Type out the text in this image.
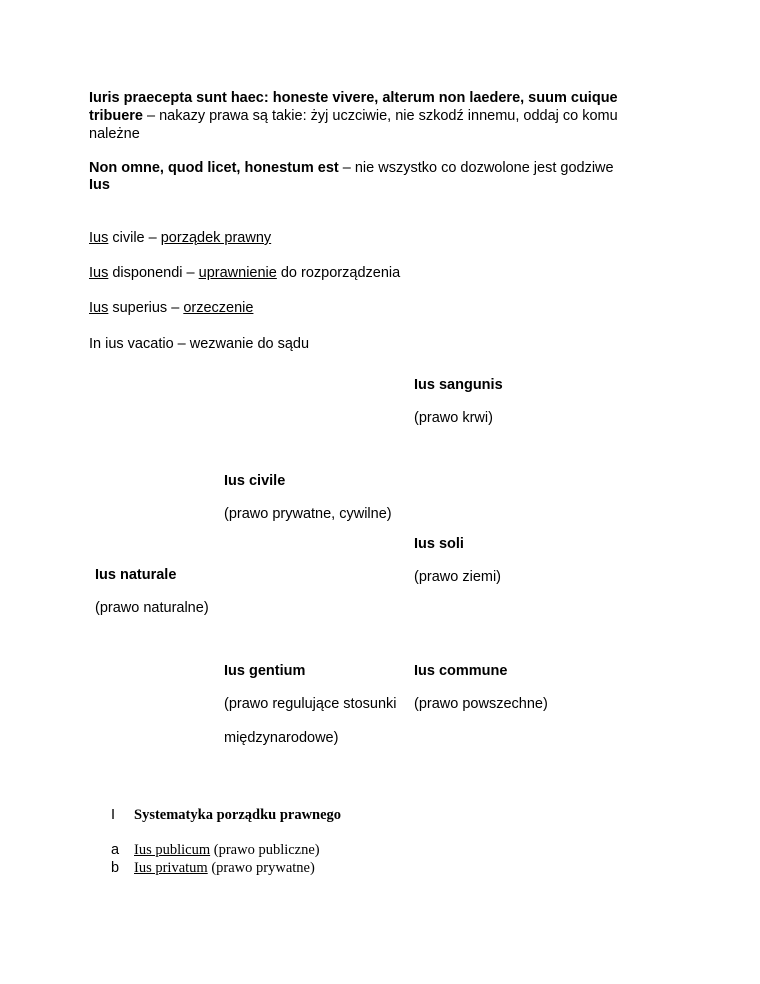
Iuris praecepta sunt haec: honeste vivere, alterum non laedere, suum cuique tribuere – nakazy prawa są takie: żyj uczciwie, nie szkodź innemu, oddaj co komu należne
Non omne, quod licet, honestum est – nie wszystko co dozwolone jest godziwe
Ius
Ius civile – porządek prawny
Ius disponendi – uprawnienie do rozporządzenia
Ius superius – orzeczenie
In ius vacatio – wezwanie do sądu
Ius sangunis
(prawo krwi)
Ius civile
(prawo prywatne, cywilne)
Ius soli
(prawo ziemi)
Ius naturale
(prawo naturalne)
Ius gentium
(prawo regulujące stosunki
międzynarodowe)
Ius commune
(prawo powszechne)
I Systematyka porządku prawnego
a Ius publicum (prawo publiczne)
b Ius privatum (prawo prywatne)
